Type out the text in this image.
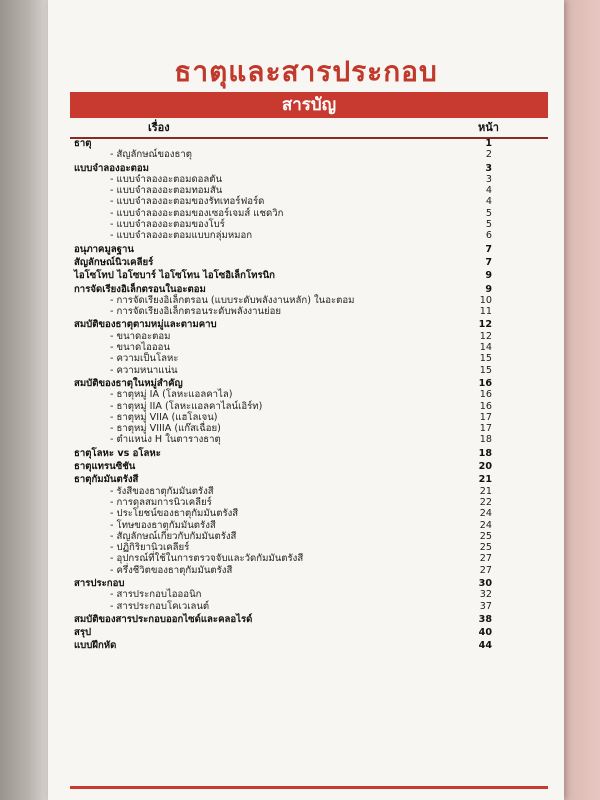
ธาตุและสารประกอบ
สารบัญ
เรื่อง	หน้า
ธาตุ	1
- สัญลักษณ์ของธาตุ	2
แบบจำลองอะตอม	3
- แบบจำลองอะตอมดอลตัน	3
- แบบจำลองอะตอมทอมสัน	4
- แบบจำลองอะตอมของรัทเทอร์ฟอร์ด	4
- แบบจำลองอะตอมของเซอร์เจมส์ แชดวิก	5
- แบบจำลองอะตอมของโบร์	5
- แบบจำลองอะตอมแบบกลุ่มหมอก	6
อนุภาคมูลฐาน	7
สัญลักษณ์นิวเคลียร์	7
ไอโซโทป ไอโซบาร์ ไอโซโทน ไอโซอิเล็กโทรนิก	9
การจัดเรียงอิเล็กตรอนในอะตอม	9
- การจัดเรียงอิเล็กตรอน (แบบระดับพลังงานหลัก) ในอะตอม	10
- การจัดเรียงอิเล็กตรอนระดับพลังงานย่อย	11
สมบัติของธาตุตามหมู่และตามคาบ	12
- ขนาดอะตอม	12
- ขนาดไอออน	14
- ความเป็นโลหะ	15
- ความหนาแน่น	15
สมบัติของธาตุในหมู่สำคัญ	16
- ธาตุหมู่ IA (โลหะแอลคาไล)	16
- ธาตุหมู่ IIA (โลหะแอลคาไลน์เอิร์ท)	16
- ธาตุหมู่ VIIA (แฮโลเจน)	17
- ธาตุหมู่ VIIIA (แก๊สเฉื่อย)	17
- ตำแหน่ง H ในตารางธาตุ	18
ธาตุโลหะ vs อโลหะ	18
ธาตุแทรนซิชัน	20
ธาตุกัมมันตรังสี	21
- รังสีของธาตุกัมมันตรังสี	21
- การดุลสมการนิวเคลียร์	22
- ประโยชน์ของธาตุกัมมันตรังสี	24
- โทษของธาตุกัมมันตรังสี	24
- สัญลักษณ์เกี่ยวกับกัมมันตรังสี	25
- ปฏิกิริยานิวเคลียร์	25
- อุปกรณ์ที่ใช้ในการตรวจจับและวัดกัมมันตรังสี	27
- ครึ่งชีวิตของธาตุกัมมันตรังสี	27
สารประกอบ	30
- สารประกอบไอออนิก	32
- สารประกอบโคเวเลนต์	37
สมบัติของสารประกอบออกไซด์และคลอไรด์	38
สรุป	40
แบบฝึกหัด	44
